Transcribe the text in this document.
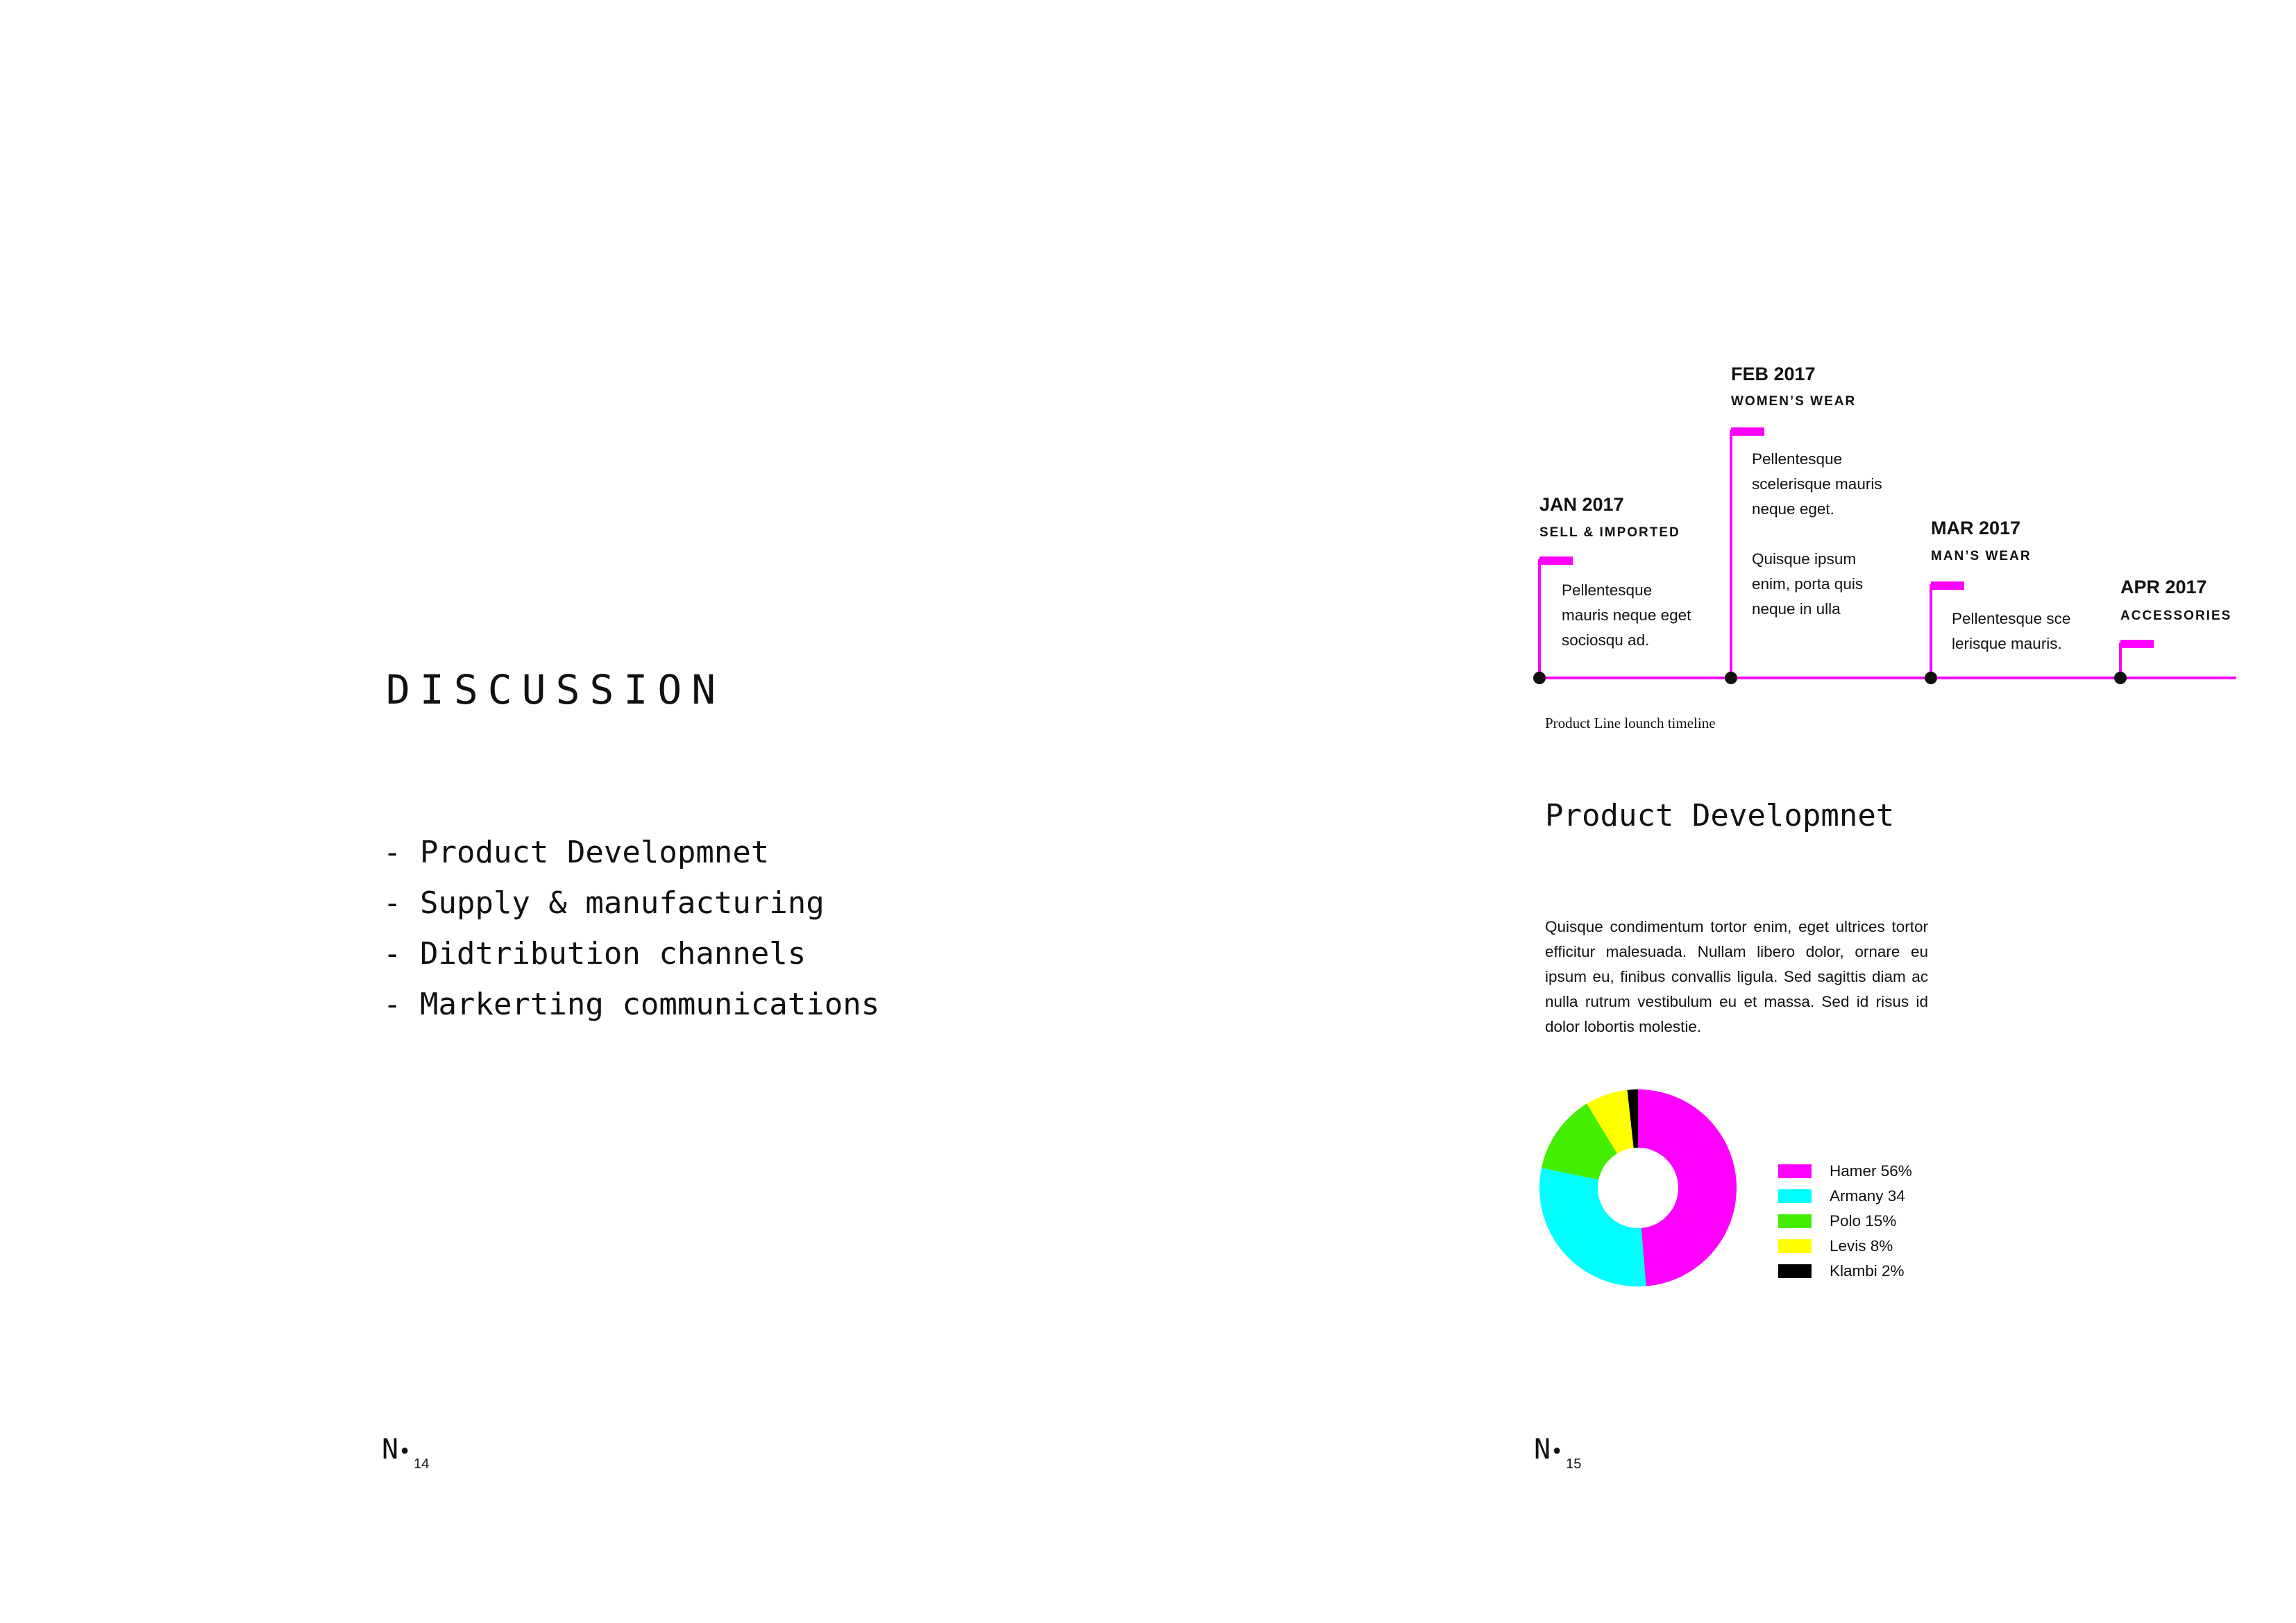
DISCUSSION
- Product Developmnet
- Supply & manufacturing
- Didtribution channels
- Markerting communications
N• $_{14}$
JAN 2017
SELL & IMPORTED
Pellentesque
mauris neque eget
sociosqu ad.
FEB 2017
WOMEN’S WEAR
Pellentesque
scelerisque mauris
neque eget.

Quisque ipsum
enim, porta quis
neque in ulla
MAR 2017
MAN’S WEAR
Pellentesque sce
lerisque mauris.
APR 2017
ACCESSORIES
Product Line lounch timeline
Product Developmnet

Quisque condimentum tortor enim, eget ultrices tortor efficitur malesuada. Nullam libero dolor, ornare eu ipsum eu, finibus convallis ligula. Sed sagittis diam ac nulla rutrum vestibulum eu et massa. Sed id risus id dolor lobortis molestie.

Hamer 56%
Armany 34
Polo 15%
Levis 8%
Klambi 2%
N• $_{15}$
